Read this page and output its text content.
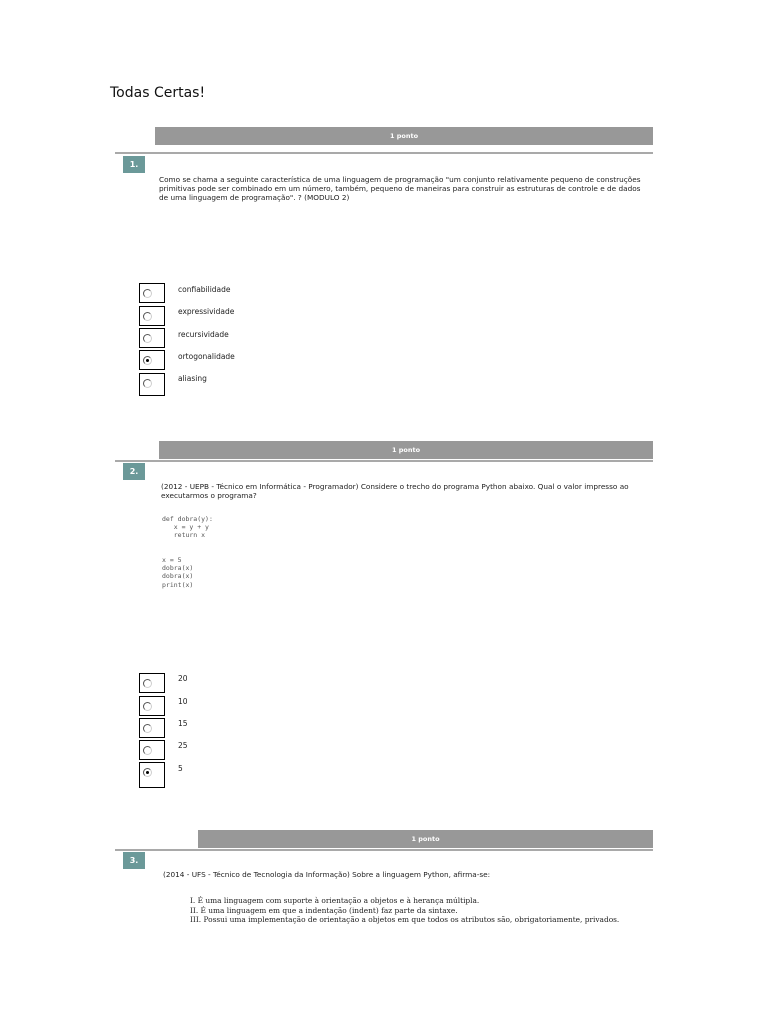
Todas Certas!
1 ponto
1.
Como se chama a seguinte característica de uma linguagem de programação "um conjunto relativamente pequeno de construções primitivas pode ser combinado em um número, também, pequeno de maneiras para construir as estruturas de controle e de dados de uma linguagem de programação". ? (MODULO 2)
confiabilidade
expressividade
recursividade
ortogonalidade
aliasing
1 ponto
2.
(2012 - UEPB - Técnico em Informática - Programador) Considere o trecho do programa Python abaixo. Qual o valor impresso ao executarmos o programa?
def dobra(y):
x = y + y
return x

x = 5
dobra(x)
dobra(x)
print(x)
20
10
15
25
5
1 ponto
3.
(2014 - UFS - Técnico de Tecnologia da Informação) Sobre a linguagem Python, afirma-se:
I. É uma linguagem com suporte à orientação a objetos e à herança múltipla.
II. É uma linguagem em que a indentação (indent) faz parte da sintaxe.
III. Possui uma implementação de orientação a objetos em que todos os atributos são, obrigatoriamente, privados.
